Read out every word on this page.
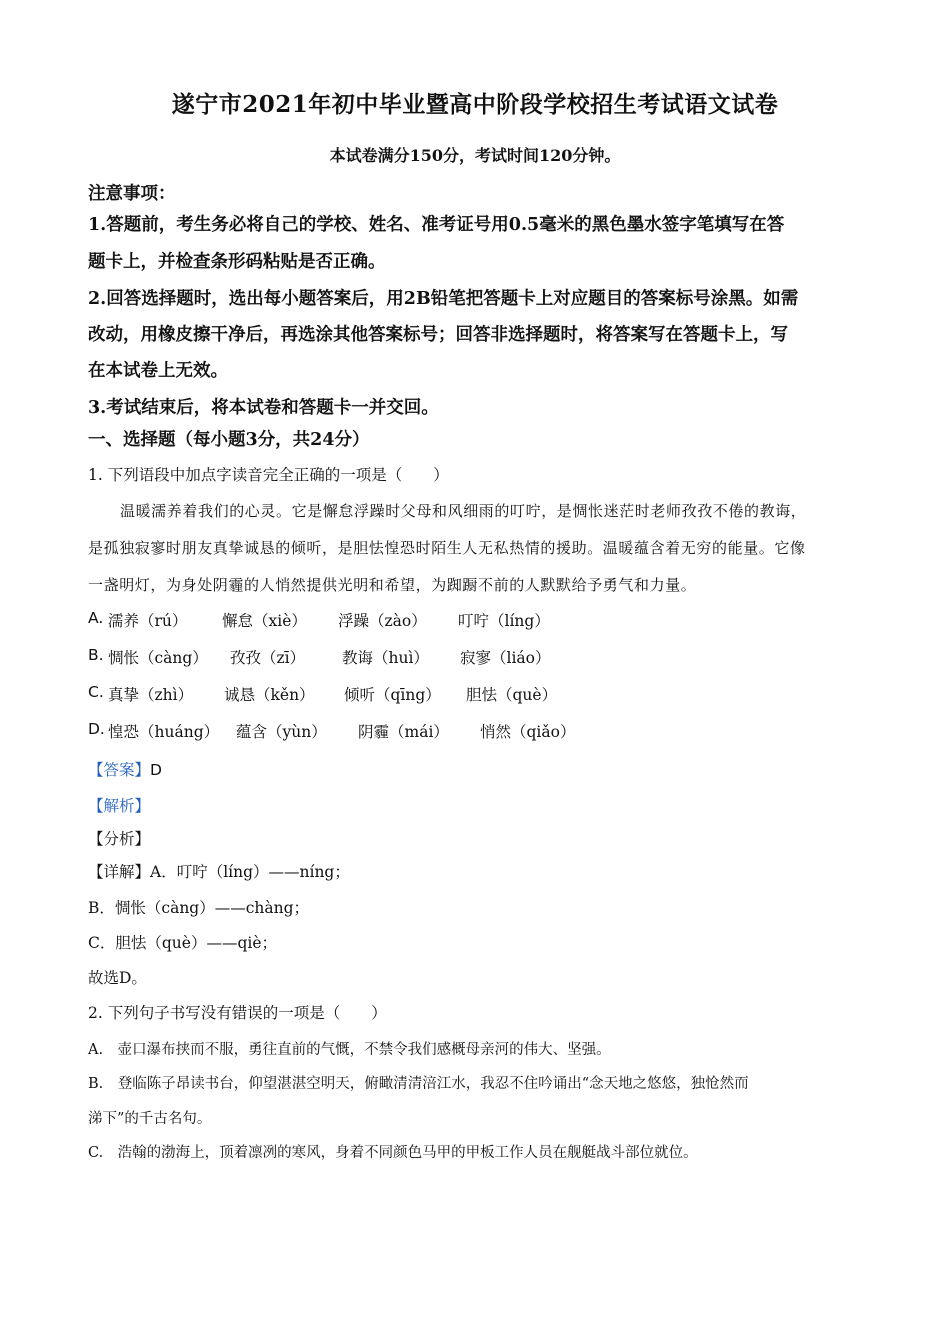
遂宁市2021年初中毕业暨高中阶段学校招生考试语文试卷
本试卷满分150分，考试时间120分钟。
注意事项：
1.答题前，考生务必将自己的学校、姓名、准考证号用0.5毫米的黑色墨水签字笔填写在答
题卡上，并检查条形码粘贴是否正确。
2.回答选择题时，选出每小题答案后，用2B铅笔把答题卡上对应题目的答案标号涂黑。如需
改动，用橡皮擦干净后，再选涂其他答案标号；回答非选择题时，将答案写在答题卡上，写
在本试卷上无效。
3.考试结束后，将本试卷和答题卡一并交回。
一、选择题（每小题3分，共24分）
1. 下列语段中加点字读音完全正确的一项是（　　）
温暖濡养着我们的心灵。它是懈怠浮躁时父母和风细雨的叮咛，是惆怅迷茫时老师孜孜不倦的教诲，
是孤独寂寥时朋友真挚诚恳的倾听，是胆怯惶恐时陌生人无私热情的援助。温暖蕴含着无穷的能量。它像
一盏明灯，为身处阴霾的人悄然提供光明和希望，为踟蹰不前的人默默给予勇气和力量。
A. 濡养（rú） 懈怠（xiè） 浮躁（zào） 叮咛（líng）
B. 惆怅（càng） 孜孜（zī） 教诲（huì） 寂寥（liáo）
C. 真挚（zhì） 诚恳（kěn） 倾听（qīng） 胆怯（què）
D. 惶恐（huáng） 蕴含（yùn） 阴霾（mái） 悄然（qiǎo）
【答案】D
【解析】
【分析】
【详解】A．叮咛（líng）——níng；
B．惆怅（càng）——chàng；
C．胆怯（què）——qiè；
故选D。
2. 下列句子书写没有错误的一项是（　　）
A.　壶口瀑布挟而不服，勇往直前的气慨，不禁令我们感概母亲河的伟大、坚强。
B.　登临陈子昂读书台，仰望湛湛空明天，俯瞰清清涪江水，我忍不住吟诵出“念天地之悠悠，独怆然而
涕下”的千古名句。
C.　浩翰的渤海上，顶着凛冽的寒风，身着不同颜色马甲的甲板工作人员在舰艇战斗部位就位。
